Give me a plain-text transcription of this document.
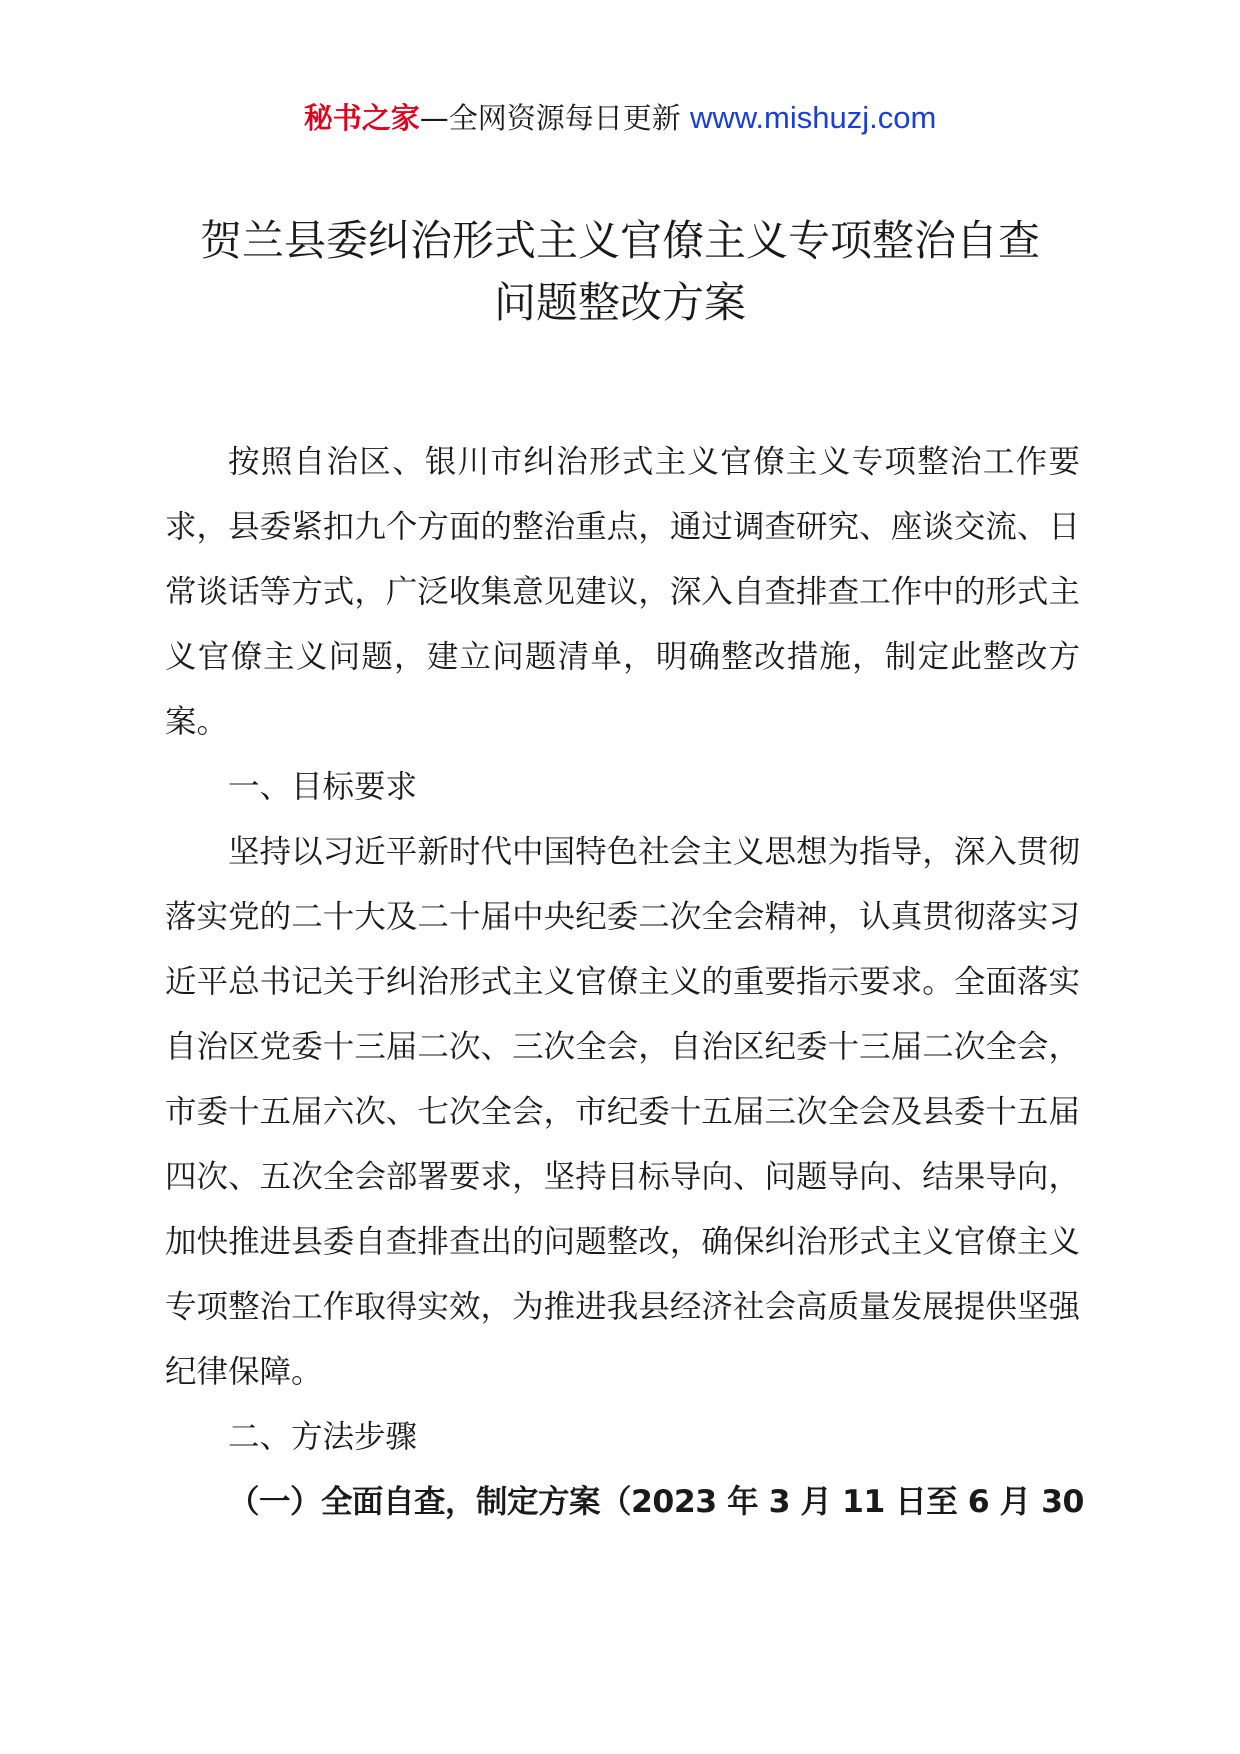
秘书之家—全网资源每日更新 www.mishuzj.com
贺兰县委纠治形式主义官僚主义专项整治自查
问题整改方案

按照自治区、银川市纠治形式主义官僚主义专项整治工作要求，县委紧扣九个方面的整治重点，通过调查研究、座谈交流、日常谈话等方式，广泛收集意见建议，深入自查排查工作中的形式主义官僚主义问题，建立问题清单，明确整改措施，制定此整改方案。

一、目标要求

坚持以习近平新时代中国特色社会主义思想为指导，深入贯彻落实党的二十大及二十届中央纪委二次全会精神，认真贯彻落实习近平总书记关于纠治形式主义官僚主义的重要指示要求。全面落实自治区党委十三届二次、三次全会，自治区纪委十三届二次全会，市委十五届六次、七次全会，市纪委十五届三次全会及县委十五届四次、五次全会部署要求，坚持目标导向、问题导向、结果导向，加快推进县委自查排查出的问题整改，确保纠治形式主义官僚主义专项整治工作取得实效，为推进我县经济社会高质量发展提供坚强纪律保障。

二、方法步骤

（一）全面自查，制定方案（2023 年 3 月 11 日至 6 月 30
